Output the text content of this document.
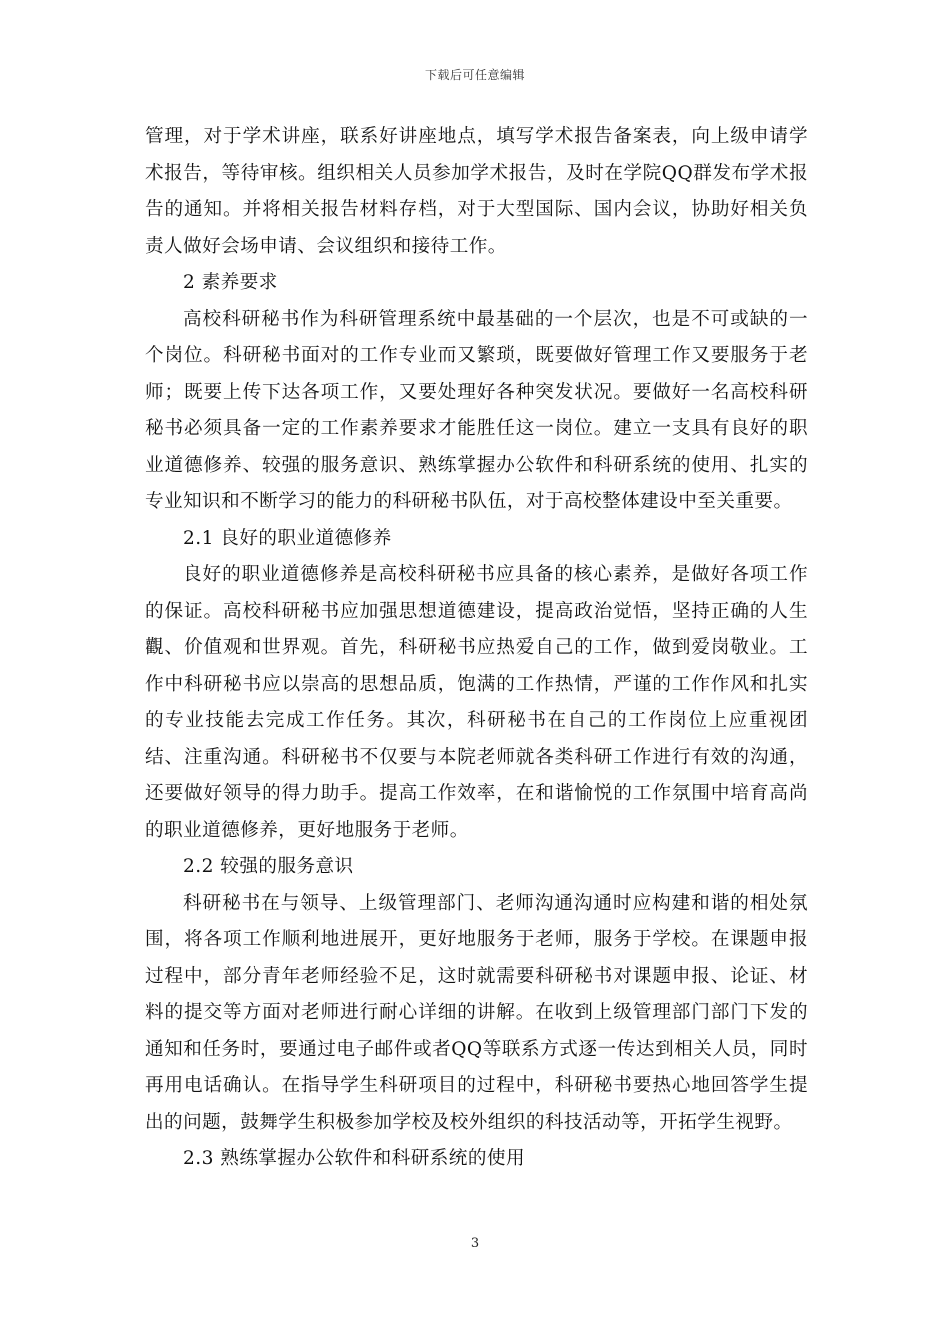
下载后可任意编辑

管理，对于学术讲座，联系好讲座地点，填写学术报告备案表，向上级申请学术报告，等待审核。组织相关人员参加学术报告，及时在学院QQ群发布学术报告的通知。并将相关报告材料存档，对于大型国际、国内会议，协助好相关负责人做好会场申请、会议组织和接待工作。

2 素养要求

高校科研秘书作为科研管理系统中最基础的一个层次，也是不可或缺的一个岗位。科研秘书面对的工作专业而又繁琐，既要做好管理工作又要服务于老师；既要上传下达各项工作，又要处理好各种突发状况。要做好一名高校科研秘书必须具备一定的工作素养要求才能胜任这一岗位。建立一支具有良好的职业道德修养、较强的服务意识、熟练掌握办公软件和科研系统的使用、扎实的专业知识和不断学习的能力的科研秘书队伍，对于高校整体建设中至关重要。

2.1 良好的职业道德修养

良好的职业道德修养是高校科研秘书应具备的核心素养，是做好各项工作的保证。高校科研秘书应加强思想道德建设，提高政治觉悟，坚持正确的人生觀、价值观和世界观。首先，科研秘书应热爱自己的工作，做到爱岗敬业。工作中科研秘书应以崇高的思想品质，饱满的工作热情，严谨的工作作风和扎实的专业技能去完成工作任务。其次，科研秘书在自己的工作岗位上应重视团结、注重沟通。科研秘书不仅要与本院老师就各类科研工作进行有效的沟通，还要做好领导的得力助手。提高工作效率，在和谐愉悦的工作氛围中培育高尚的职业道德修养，更好地服务于老师。

2.2 较强的服务意识

科研秘书在与领导、上级管理部门、老师沟通沟通时应构建和谐的相处氛围，将各项工作顺利地进展开，更好地服务于老师，服务于学校。在课题申报过程中，部分青年老师经验不足，这时就需要科研秘书对课题申报、论证、材料的提交等方面对老师进行耐心详细的讲解。在收到上级管理部门部门下发的通知和任务时，要通过电子邮件或者QQ等联系方式逐一传达到相关人员，同时再用电话确认。在指导学生科研项目的过程中，科研秘书要热心地回答学生提出的问题，鼓舞学生积极参加学校及校外组织的科技活动等，开拓学生视野。

2.3 熟练掌握办公软件和科研系统的使用

3
